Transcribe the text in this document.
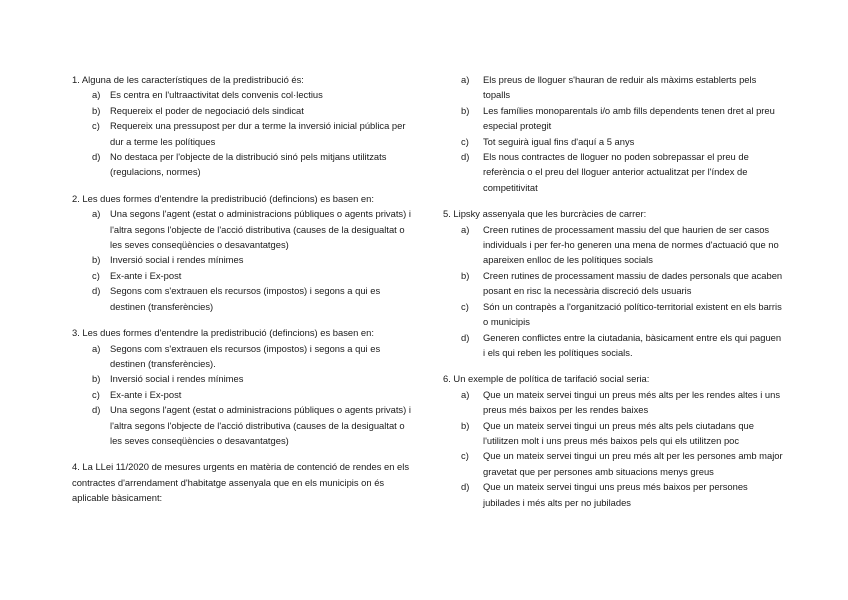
1. Alguna de les característiques de la predistribució és:

a)	Es centra en l'ultraactivitat dels convenis col·lectius
b)	Requereix el poder de negociació dels sindicat
c)	Requereix una pressupost per dur a terme la inversió inicial pública per dur a terme les polítiques
d)	No destaca per l'objecte de la distribució sinó pels mitjans utilitzats (regulacions, normes)

2. Les dues formes d'entendre la predistribució (defincions) es basen en:

a)	Una segons l'agent (estat o administracions públiques o agents privats) i l'altra segons l'objecte de l'acció distributiva (causes de la desigualtat o les seves conseqüències o desavantatges)
b)	Inversió social i rendes mínimes
c)	Ex-ante i Ex-post
d)	Segons com s'extrauen els recursos (impostos) i segons a qui es destinen (transferències)

3. Les dues formes d'entendre la predistribució (defincions) es basen en:

a)	Segons com s'extrauen els recursos (impostos) i segons a qui es destinen (transferències).
b)	Inversió social i rendes mínimes
c)	Ex-ante i Ex-post
d)	Una segons l'agent (estat o administracions públiques o agents privats) i l'altra segons l'objecte de l'acció distributiva (causes de la desigualtat o les seves conseqüències o desavantatges)

4. La LLei 11/2020 de mesures urgents en matèria de contenció de rendes en els contractes d'arrendament d'habitatge assenyala que en els municipis on és aplicable bàsicament:

a)	Els preus de lloguer s'hauran de reduir als màxims establerts pels topalls
b)	Les famílies monoparentals i/o amb fills dependents tenen dret al preu especial protegit
c)	Tot seguirà igual fins d'aquí a 5 anys
d)	Els nous contractes de lloguer no poden sobrepassar el preu de referència o el preu del lloguer anterior actualitzat per l'índex de competitivitat

5. Lipsky assenyala que les burcràcies de carrer:

a)	Creen rutines de processament massiu del que haurien de ser casos individuals i per fer-ho generen una mena de normes d'actuació que no apareixen enlloc de les polítiques socials
b)	Creen rutines de processament massiu de dades personals que acaben posant en risc la necessària discreció dels usuaris
c)	Són un contrapès a l'organització político-territorial existent en els barris o municipis
d)	Generen conflictes entre la ciutadania, bàsicament entre els qui paguen i els qui reben les polítiques socials.

6. Un exemple de política de tarifació social seria:

a)	Que un mateix servei tingui un preus més alts per les rendes altes i uns preus més baixos per les rendes baixes
b)	Que un mateix servei tingui un preus més alts pels ciutadans que l'utilitzen molt i uns preus més baixos pels qui els utilitzen poc
c)	Que un mateix servei tingui un preu més alt per les persones amb major gravetat que per persones amb situacions menys greus
d)	Que un mateix servei tingui uns preus més baixos per persones jubilades i més alts per no jubilades
